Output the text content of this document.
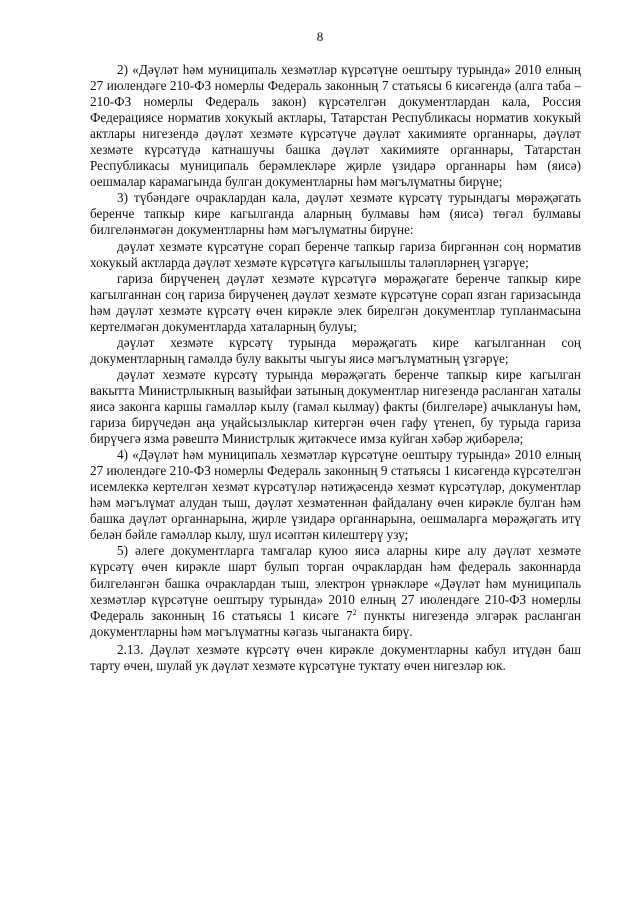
8

2) «Дәүләт һәм муниципаль хезмәтләр күрсәтүне оештыру турында» 2010 елның 27 июлендәге 210-ФЗ номерлы Федераль законның 7 статьясы 6 кисәгендә (алга таба – 210-ФЗ номерлы Федераль закон) күрсәтелгән документлардан кала, Россия Федерациясе норматив хокукый актлары, Татарстан Республикасы норматив хокукый актлары нигезендә дәүләт хезмәте күрсәтүче дәүләт хакимияте органнары, дәүләт хезмәте күрсәтүдә катнашучы башка дәүләт хакимияте органнары, Татарстан Республикасы муниципаль берәмлекләре җирле үзидарә органнары һәм (яисә) оешмалар карамагында булган документларны һәм мәгълүматны бирүне;

3) түбәндәге очраклардан кала, дәүләт хезмәте күрсәтү турындагы мөрәҗәгать беренче тапкыр кире кагылганда аларның булмавы һәм (яисә) төгәл булмавы билгеләнмәгән документларны һәм мәгълүматны бирүне:

дәүләт хезмәте күрсәтүне сорап беренче тапкыр гариза биргәннән соң норматив хокукый актларда дәүләт хезмәте күрсәтүгә кагылышлы таләпләрнең үзгәрүе;

гариза бирүченең дәүләт хезмәте күрсәтүгә мөрәҗәгате беренче тапкыр кире кагылганнан соң гариза бирүченең дәүләт хезмәте күрсәтүне сорап язган гаризасында һәм дәүләт хезмәте күрсәтү өчен кирәкле элек бирелгән документлар тупланмасына кертелмәгән документларда хаталарның булуы;

дәүләт хезмәте күрсәтү турында мөрәҗәгать кире кагылганнан соң документларның гамәлдә булу вакыты чыгуы яисә мәгълүматның үзгәрүе;

дәүләт хезмәте күрсәтү турында мөрәҗәгать беренче тапкыр кире кагылган вакытта Министрлыкның вазыйфаи затының документлар нигезендә расланган хаталы яисә законга каршы гамәлләр кылу (гамәл кылмау) факты (билгеләре) ачыклануы һәм, гариза бирүчедән аңа уңайсызлыклар китергән өчен гафу үтенеп, бу турыда гариза бирүчегә язма рәвештә Министрлык җитәкчесе имза куйган хәбәр җибәрелә;

4) «Дәүләт һәм муниципаль хезмәтләр күрсәтүне оештыру турында» 2010 елның 27 июлендәге 210-ФЗ номерлы Федераль законның 9 статьясы 1 кисәгендә күрсәтелгән исемлеккә кертелгән хезмәт күрсәтүләр нәтиҗәсендә хезмәт күрсәтүләр, документлар һәм мәгълүмат алудан тыш, дәүләт хезмәтеннән файдалану өчен кирәкле булган һәм башка дәүләт органнарына, җирле үзидарә органнарына, оешмаларга мөрәҗәгать итү белән бәйле гамәлләр кылу, шул исәптән килештерү узу;

5) әлеге документларга тамгалар куюо яисә аларны кире алу дәүләт хезмәте күрсәтү өчен кирәкле шарт булып торган очраклардан һәм федераль законнарда билгеләнгән башка очраклардан тыш, электрон үрнәкләре «Дәүләт һәм муниципаль хезмәтләр күрсәтүне оештыру турында» 2010 елның 27 июлендәге 210-ФЗ номерлы Федераль законның 16 статьясы 1 кисәге $7^2$ пункты нигезендә элгәрәк расланган документларны һәм мәгълүматны кәгазь чыганакта бирү.

2.13. Дәүләт хезмәте күрсәтү өчен кирәкле документларны кабул итүдән баш тарту өчен, шулай ук дәүләт хезмәте күрсәтүне туктату өчен нигезләр юк.
